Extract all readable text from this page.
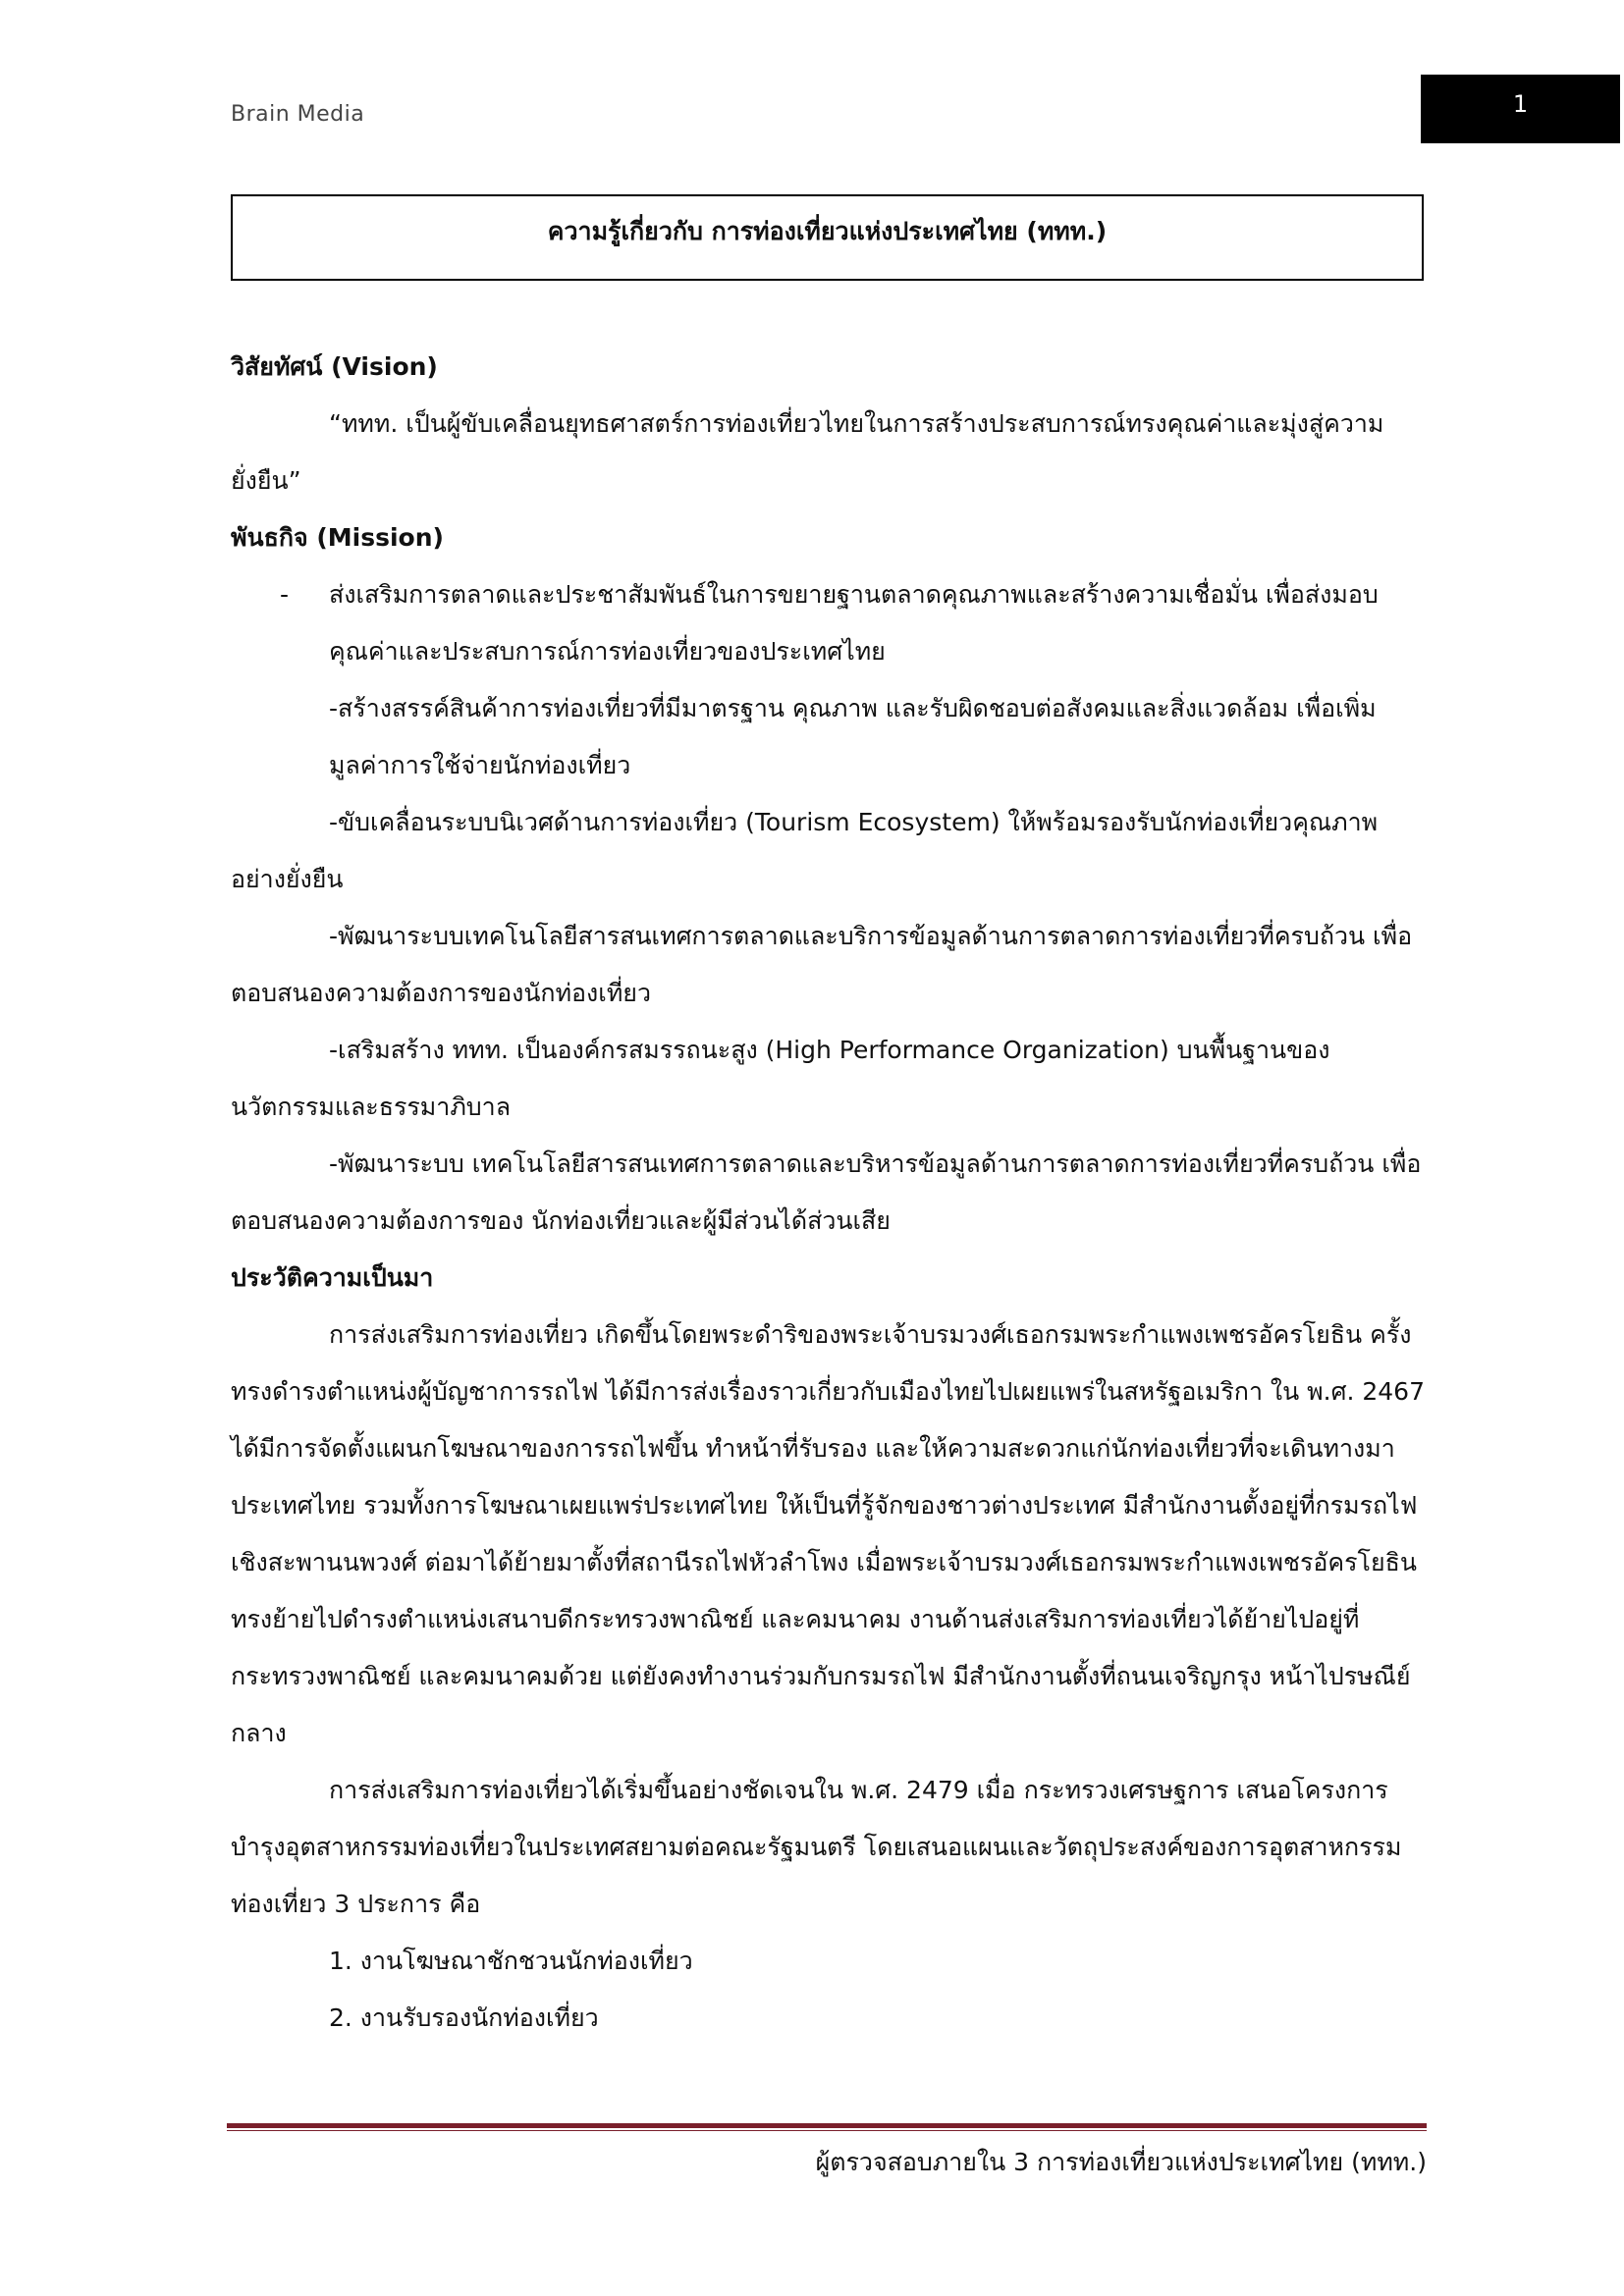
Brain Media	1
ความรู้เกี่ยวกับ การท่องเที่ยวแห่งประเทศไทย (ททท.)

วิสัยทัศน์ (Vision)

“ททท. เป็นผู้ขับเคลื่อนยุทธศาสตร์การท่องเที่ยวไทยในการสร้างประสบการณ์ทรงคุณค่าและมุ่งสู่ความยั่งยืน”

พันธกิจ (Mission)

-	ส่งเสริมการตลาดและประชาสัมพันธ์ในการขยายฐานตลาดคุณภาพและสร้างความเชื่อมั่น เพื่อส่งมอบคุณค่าและประสบการณ์การท่องเที่ยวของประเทศไทย

-สร้างสรรค์สินค้าการท่องเที่ยวที่มีมาตรฐาน คุณภาพ และรับผิดชอบต่อสังคมและสิ่งแวดล้อม เพื่อเพิ่มมูลค่าการใช้จ่ายนักท่องเที่ยว

-ขับเคลื่อนระบบนิเวศด้านการท่องเที่ยว (Tourism Ecosystem) ให้พร้อมรองรับนักท่องเที่ยวคุณภาพอย่างยั่งยืน

-พัฒนาระบบเทคโนโลยีสารสนเทศการตลาดและบริการข้อมูลด้านการตลาดการท่องเที่ยวที่ครบถ้วน เพื่อตอบสนองความต้องการของนักท่องเที่ยว

-เสริมสร้าง ททท. เป็นองค์กรสมรรถนะสูง (High Performance Organization) บนพื้นฐานของนวัตกรรมและธรรมาภิบาล

-พัฒนาระบบ เทคโนโลยีสารสนเทศการตลาดและบริหารข้อมูลด้านการตลาดการท่องเที่ยวที่ครบถ้วน เพื่อตอบสนองความต้องการของ นักท่องเที่ยวและผู้มีส่วนได้ส่วนเสีย

ประวัติความเป็นมา

การส่งเสริมการท่องเที่ยว เกิดขึ้นโดยพระดำริของพระเจ้าบรมวงศ์เธอกรมพระกำแพงเพชรอัครโยธิน ครั้งทรงดำรงตำแหน่งผู้บัญชาการรถไฟ ได้มีการส่งเรื่องราวเกี่ยวกับเมืองไทยไปเผยแพร่ในสหรัฐอเมริกา ใน พ.ศ. 2467 ได้มีการจัดตั้งแผนกโฆษณาของการรถไฟขึ้น ทำหน้าที่รับรอง และให้ความสะดวกแก่นักท่องเที่ยวที่จะเดินทางมาประเทศไทย รวมทั้งการโฆษณาเผยแพร่ประเทศไทย ให้เป็นที่รู้จักของชาวต่างประเทศ มีสำนักงานตั้งอยู่ที่กรมรถไฟ เชิงสะพานนพวงศ์ ต่อมาได้ย้ายมาตั้งที่สถานีรถไฟหัวลำโพง เมื่อพระเจ้าบรมวงศ์เธอกรมพระกำแพงเพชรอัครโยธิน ทรงย้ายไปดำรงตำแหน่งเสนาบดีกระทรวงพาณิชย์ และคมนาคม งานด้านส่งเสริมการท่องเที่ยวได้ย้ายไปอยู่ที่กระทรวงพาณิชย์ และคมนาคมด้วย แต่ยังคงทำงานร่วมกับกรมรถไฟ มีสำนักงานตั้งที่ถนนเจริญกรุง หน้าไปรษณีย์กลาง

การส่งเสริมการท่องเที่ยวได้เริ่มขึ้นอย่างชัดเจนใน พ.ศ. 2479 เมื่อ กระทรวงเศรษฐการ เสนอโครงการบำรุงอุตสาหกรรมท่องเที่ยวในประเทศสยามต่อคณะรัฐมนตรี โดยเสนอแผนและวัตถุประสงค์ของการอุตสาหกรรมท่องเที่ยว 3 ประการ คือ

1. งานโฆษณาชักชวนนักท่องเที่ยว

2. งานรับรองนักท่องเที่ยว

ผู้ตรวจสอบภายใน 3 การท่องเที่ยวแห่งประเทศไทย (ททท.)
